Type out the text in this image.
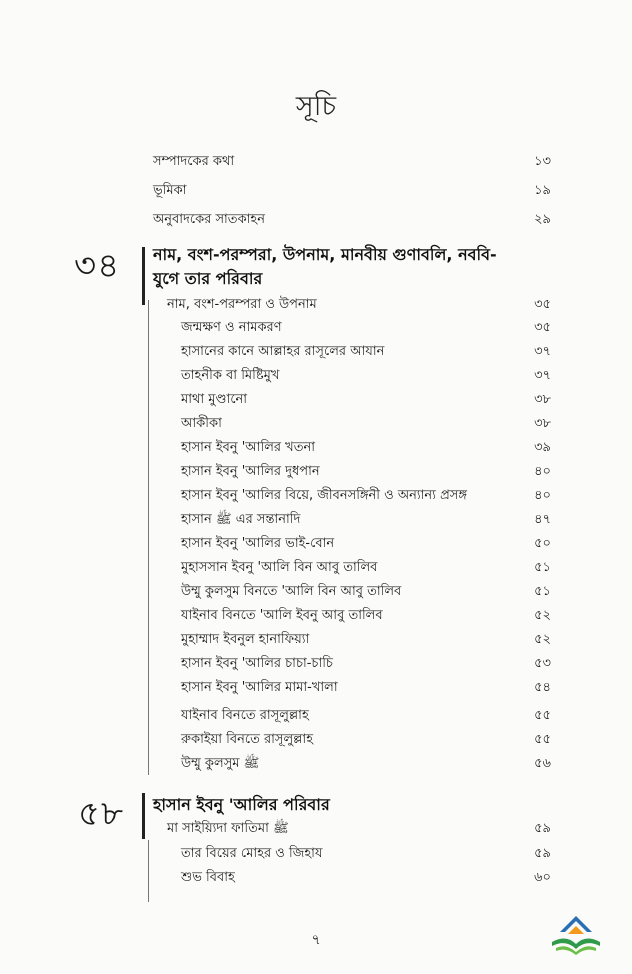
সূচি
সম্পাদকের কথা	১৩
ভূমিকা	১৯
অনুবাদকের সাতকাহন	২৯
৩৪ নাম, বংশ-পরম্পরা, উপনাম, মানবীয় গুণাবলি, নববি-
যুগে তার পরিবার
নাম, বংশ-পরম্পরা ও উপনাম	৩৫
জন্মক্ষণ ও নামকরণ	৩৫
হাসানের কানে আল্লাহর রাসূলের আযান	৩৭
তাহনীক বা মিষ্টিমুখ	৩৭
মাথা মুণ্ডানো	৩৮
আকীকা	৩৮
হাসান ইবনু 'আলির খতনা	৩৯
হাসান ইবনু 'আলির দুধপান	৪০
হাসান ইবনু 'আলির বিয়ে, জীবনসঙ্গিনী ও অন্যান্য প্রসঙ্গ	৪০
হাসান ﷺ এর সন্তানাদি	৪৭
হাসান ইবনু 'আলির ভাই-বোন	৫০
মুহাসসান ইবনু 'আলি বিন আবু তালিব	৫১
উম্মু কুলসুম বিনতে 'আলি বিন আবু তালিব	৫১
যাইনাব বিনতে 'আলি ইবনু আবু তালিব	৫২
মুহাম্মাদ ইবনুল হানাফিয়্যা	৫২
হাসান ইবনু 'আলির চাচা-চাচি	৫৩
হাসান ইবনু 'আলির মামা-খালা	৫৪
যাইনাব বিনতে রাসূলুল্লাহ	৫৫
রুকাইয়া বিনতে রাসূলুল্লাহ	৫৫
উম্মু কুলসুম ﷺ	৫৬
৫৮ হাসান ইবনু 'আলির পরিবার
মা সাইয়্যিদা ফাতিমা ﷺ	৫৯
তার বিয়ের মোহর ও জিহায	৫৯
শুভ বিবাহ	৬০
৭
